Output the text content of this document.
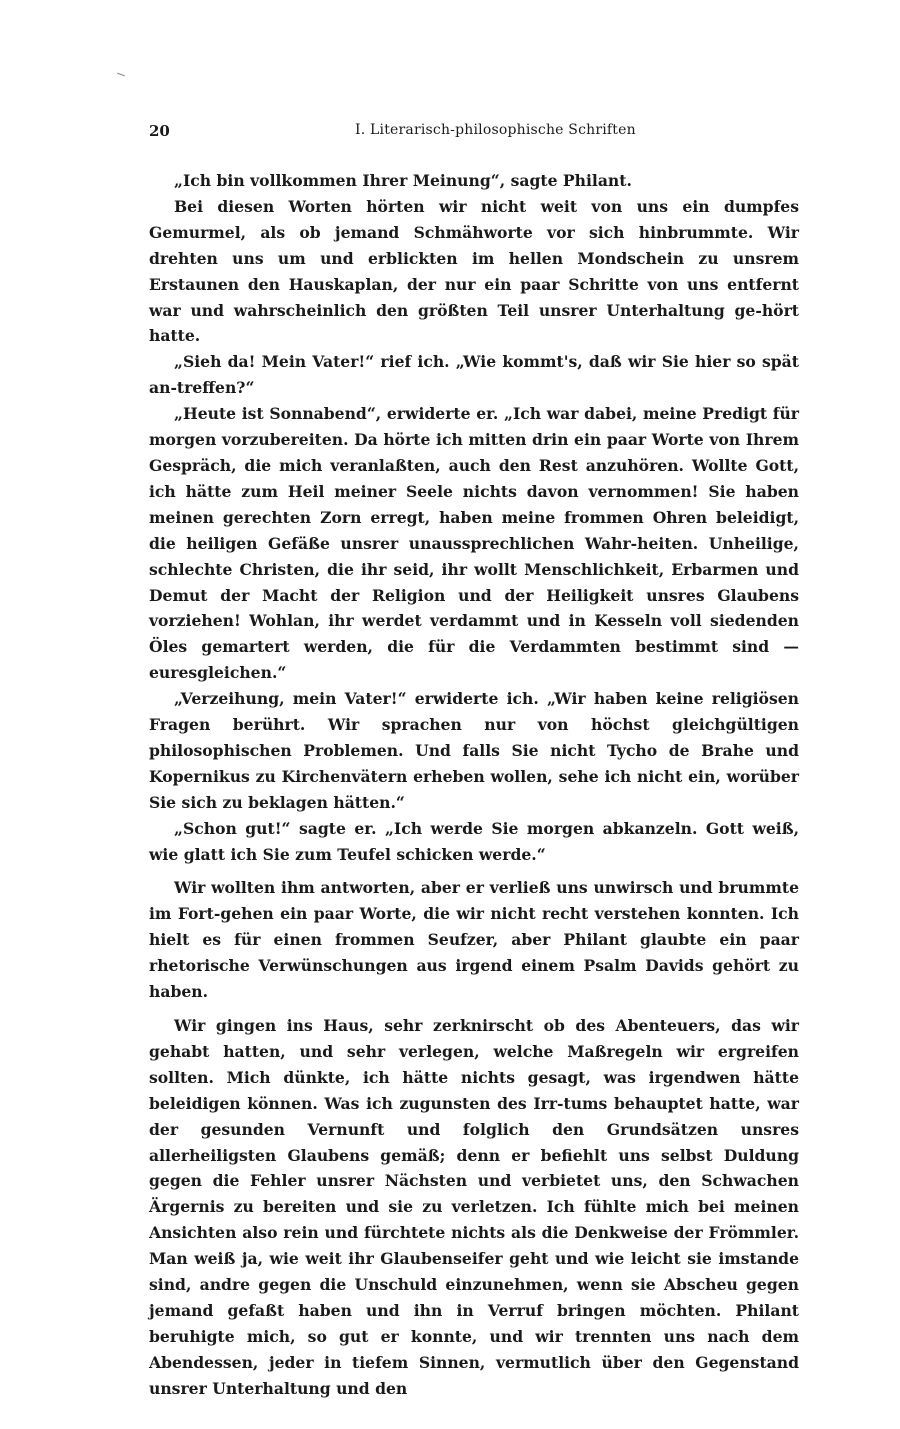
20	I. Literarisch-philosophische Schriften

„Ich bin vollkommen Ihrer Meinung“, sagte Philant.

Bei diesen Worten hörten wir nicht weit von uns ein dumpfes Gemurmel, als ob jemand Schmähworte vor sich hinbrummte. Wir drehten uns um und erblickten im hellen Mondschein zu unsrem Erstaunen den Hauskaplan, der nur ein paar Schritte von uns entfernt war und wahrscheinlich den größten Teil unsrer Unterhaltung ge-hört hatte.

„Sieh da! Mein Vater!“ rief ich. „Wie kommt's, daß wir Sie hier so spät an-treffen?“

„Heute ist Sonnabend“, erwiderte er. „Ich war dabei, meine Predigt für morgen vorzubereiten. Da hörte ich mitten drin ein paar Worte von Ihrem Gespräch, die mich veranlaßten, auch den Rest anzuhören. Wollte Gott, ich hätte zum Heil meiner Seele nichts davon vernommen! Sie haben meinen gerechten Zorn erregt, haben meine frommen Ohren beleidigt, die heiligen Gefäße unsrer unaussprechlichen Wahr-heiten. Unheilige, schlechte Christen, die ihr seid, ihr wollt Menschlichkeit, Erbarmen und Demut der Macht der Religion und der Heiligkeit unsres Glaubens vorziehen! Wohlan, ihr werdet verdammt und in Kesseln voll siedenden Öles gemartert werden, die für die Verdammten bestimmt sind — euresgleichen.“

„Verzeihung, mein Vater!“ erwiderte ich. „Wir haben keine religiösen Fragen berührt. Wir sprachen nur von höchst gleichgültigen philosophischen Problemen. Und falls Sie nicht Tycho de Brahe und Kopernikus zu Kirchenvätern erheben wollen, sehe ich nicht ein, worüber Sie sich zu beklagen hätten.“

„Schon gut!“ sagte er. „Ich werde Sie morgen abkanzeln. Gott weiß, wie glatt ich Sie zum Teufel schicken werde.“

Wir wollten ihm antworten, aber er verließ uns unwirsch und brummte im Fort-gehen ein paar Worte, die wir nicht recht verstehen konnten. Ich hielt es für einen frommen Seufzer, aber Philant glaubte ein paar rhetorische Verwünschungen aus irgend einem Psalm Davids gehört zu haben.

Wir gingen ins Haus, sehr zerknirscht ob des Abenteuers, das wir gehabt hatten, und sehr verlegen, welche Maßregeln wir ergreifen sollten. Mich dünkte, ich hätte nichts gesagt, was irgendwen hätte beleidigen können. Was ich zugunsten des Irr-tums behauptet hatte, war der gesunden Vernunft und folglich den Grundsätzen unsres allerheiligsten Glaubens gemäß; denn er befiehlt uns selbst Duldung gegen die Fehler unsrer Nächsten und verbietet uns, den Schwachen Ärgernis zu bereiten und sie zu verletzen. Ich fühlte mich bei meinen Ansichten also rein und fürchtete nichts als die Denkweise der Frömmler. Man weiß ja, wie weit ihr Glaubenseifer geht und wie leicht sie imstande sind, andre gegen die Unschuld einzunehmen, wenn sie Abscheu gegen jemand gefaßt haben und ihn in Verruf bringen möchten. Philant beruhigte mich, so gut er konnte, und wir trennten uns nach dem Abendessen, jeder in tiefem Sinnen, vermutlich über den Gegenstand unsrer Unterhaltung und den
